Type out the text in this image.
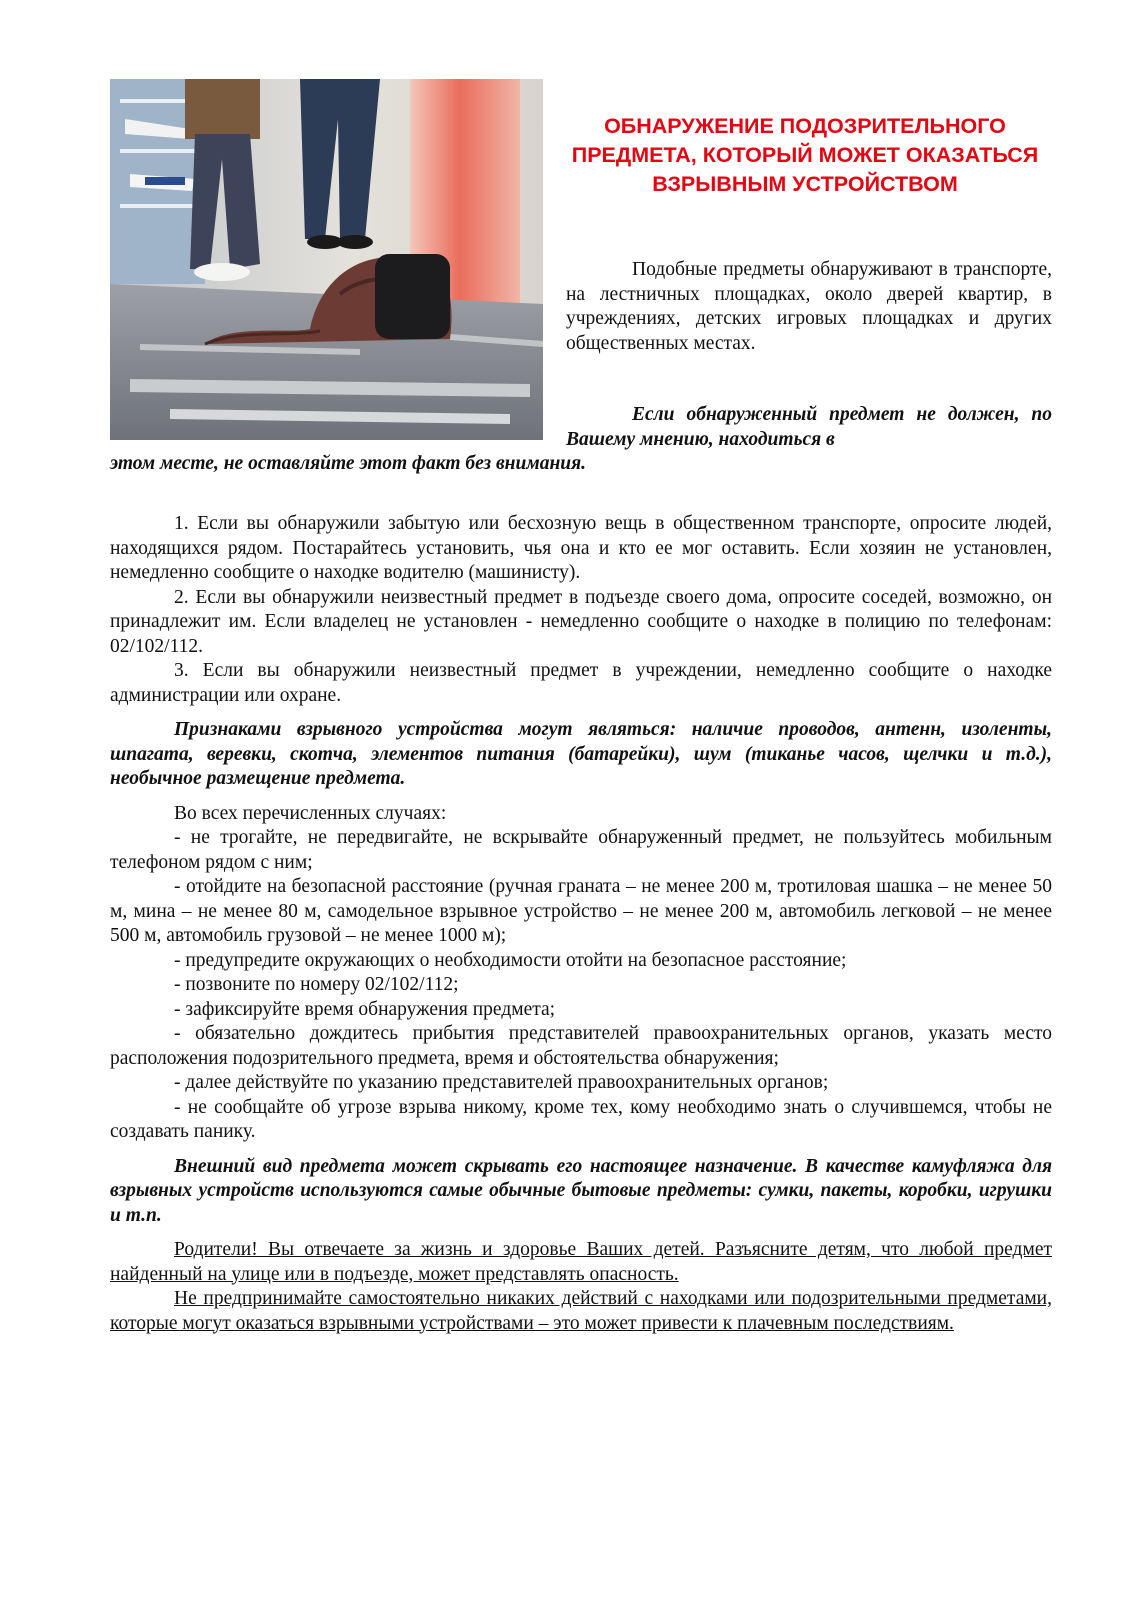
ОБНАРУЖЕНИЕ ПОДОЗРИТЕЛЬНОГО ПРЕДМЕТА, КОТОРЫЙ МОЖЕТ ОКАЗАТЬСЯ ВЗРЫВНЫМ УСТРОЙСТВОМ

Подобные предметы обнаруживают в транспорте, на лестничных площадках, около дверей квартир, в учреждениях, детских игровых площадках и других общественных местах.

Если обнаруженный предмет не должен, по Вашему мнению, находиться в

этом месте, не оставляйте этот факт без внимания.

1. Если вы обнаружили забытую или бесхозную вещь в общественном транспорте, опросите людей, находящихся рядом. Постарайтесь установить, чья она и кто ее мог оставить. Если хозяин не установлен, немедленно сообщите о находке водителю (машинисту).

2. Если вы обнаружили неизвестный предмет в подъезде своего дома, опросите соседей, возможно, он принадлежит им. Если владелец не установлен - немедленно сообщите о находке в полицию по телефонам: 02/102/112.

3. Если вы обнаружили неизвестный предмет в учреждении, немедленно сообщите о находке администрации или охране.

Признаками взрывного устройства могут являться: наличие проводов, антенн, изоленты, шпагата, веревки, скотча, элементов питания (батарейки), шум (тиканье часов, щелчки и т.д.), необычное размещение предмета.

Во всех перечисленных случаях:

- не трогайте, не передвигайте, не вскрывайте обнаруженный предмет, не пользуйтесь мобильным телефоном рядом с ним;

- отойдите на безопасной расстояние (ручная граната – не менее 200 м, тротиловая шашка – не менее 50 м, мина – не менее 80 м, самодельное взрывное устройство – не менее 200 м, автомобиль легковой – не менее 500 м, автомобиль грузовой – не менее 1000 м);

- предупредите окружающих о необходимости отойти на безопасное расстояние;

- позвоните по номеру 02/102/112;

- зафиксируйте время обнаружения предмета;

- обязательно дождитесь прибытия представителей правоохранительных органов, указать место расположения подозрительного предмета, время и обстоятельства обнаружения;

- далее действуйте по указанию представителей правоохранительных органов;

- не сообщайте об угрозе взрыва никому, кроме тех, кому необходимо знать о случившемся, чтобы не создавать панику.

Внешний вид предмета может скрывать его настоящее назначение. В качестве камуфляжа для взрывных устройств используются самые обычные бытовые предметы: сумки, пакеты, коробки, игрушки и т.п.

Родители! Вы отвечаете за жизнь и здоровье Ваших детей. Разъясните детям, что любой предмет найденный на улице или в подъезде, может представлять опасность.

Не предпринимайте самостоятельно никаких действий с находками или подозрительными предметами, которые могут оказаться взрывными устройствами – это может привести к плачевным последствиям.
